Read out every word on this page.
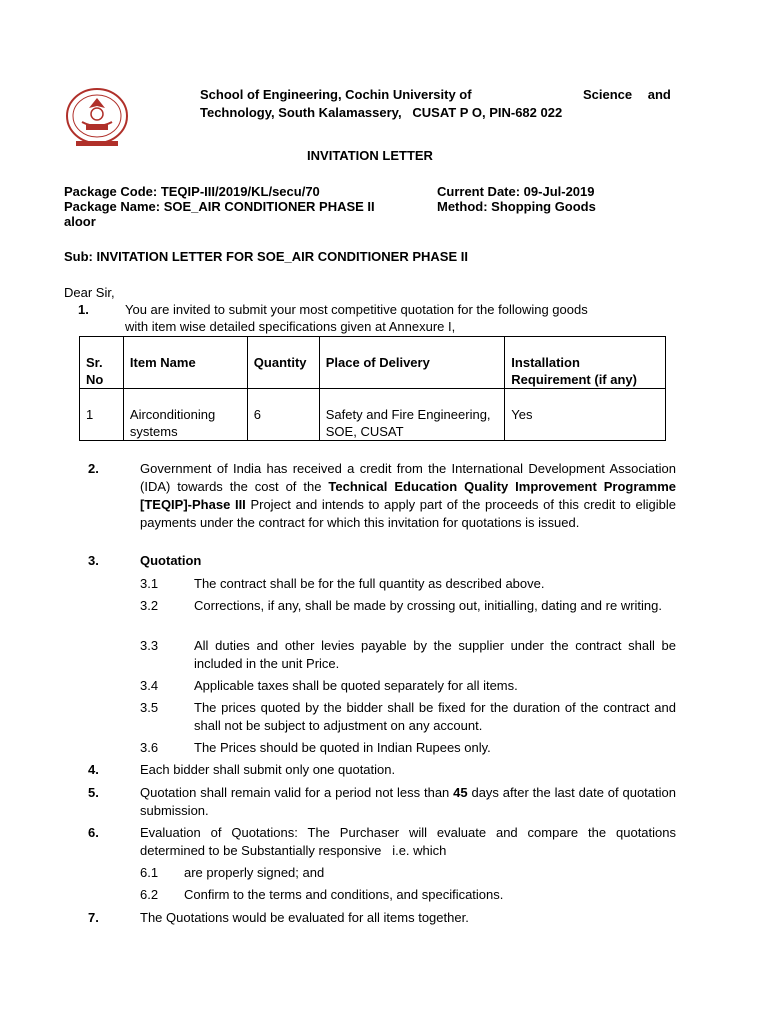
School of Engineering, Cochin University of	Science and
Technology, South Kalamassery,   CUSAT P O, PIN-682 022
INVITATION LETTER
Package Code: TEQIP-III/2019/KL/secu/70
Package Name: SOE_AIR CONDITIONER PHASE II
aloor
Current Date: 09-Jul-2019
Method: Shopping Goods
Sub: INVITATION LETTER FOR SOE_AIR CONDITIONER PHASE II
Dear Sir,
1.	You are invited to submit your most competitive quotation for the following goods
with item wise detailed specifications given at Annexure I,
Sr. No	Item Name	Quantity	Place of Delivery	Installation Requirement (if any)
1	Airconditioning systems	6	Safety and Fire Engineering, SOE, CUSAT	Yes
2.	Government of India has received a credit from the International Development Association (IDA) towards the cost of the Technical Education Quality Improvement Programme [TEQIP]-Phase III Project and intends to apply part of the proceeds of this credit to eligible payments under the contract for which this invitation for quotations is issued.
3.	Quotation
3.1	The contract shall be for the full quantity as described above.
3.2	Corrections, if any, shall be made by crossing out, initialling, dating and re writing.
3.3	All duties and other levies payable by the supplier under the contract shall be included in the unit Price.
3.4	Applicable taxes shall be quoted separately for all items.
3.5	The prices quoted by the bidder shall be fixed for the duration of the contract and shall not be subject to adjustment on any account.
3.6	The Prices should be quoted in Indian Rupees only.
4.	Each bidder shall submit only one quotation.
5.	Quotation shall remain valid for a period not less than 45 days after the last date of quotation submission.
6.	Evaluation of Quotations: The Purchaser will evaluate and compare the quotations determined to be Substantially responsive   i.e. which
6.1 are properly signed; and
6.2 Confirm to the terms and conditions, and specifications.
7.	The Quotations would be evaluated for all items together.
